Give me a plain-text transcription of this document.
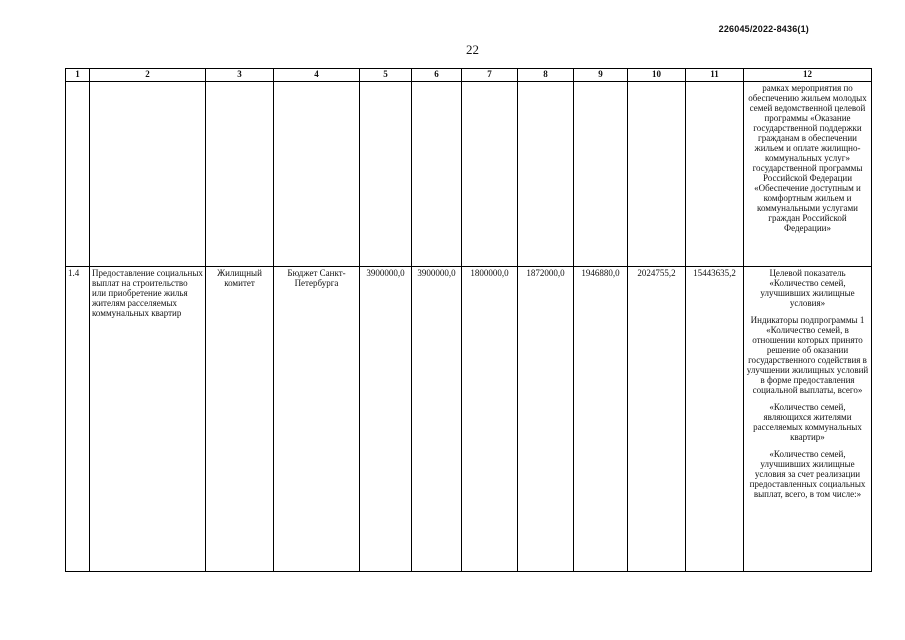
226045/2022-8436(1)
22
1	2	3	4	5	6	7	8	9	10	11	12

											рамках мероприятия по обеспечению жильем молодых семей ведомственной целевой программы «Оказание государственной поддержки гражданам в обеспечении жильем и оплате жилищно-коммунальных услуг» государственной программы Российской Федерации «Обеспечение доступным и комфортным жильем и коммунальными услугами граждан Российской Федерации»

1.4	Предоставление социальных выплат на строительство или приобретение жилья жителям расселяемых коммунальных квартир	Жилищный комитет	Бюджет Санкт-Петербурга	3900000,0	3900000,0	1800000,0	1872000,0	1946880,0	2024755,2	15443635,2	Целевой показатель «Количество семей, улучшивших жилищные условия»

Индикаторы подпрограммы 1

«Количество семей, в отношении которых принято решение об оказании государственного содействия в улучшении жилищных условий в форме предоставления социальной выплаты, всего»

«Количество семей, являющихся жителями расселяемых коммунальных квартир»

«Количество семей, улучшивших жилищные условия за счет реализации предоставленных социальных выплат, всего, в том числе:»
